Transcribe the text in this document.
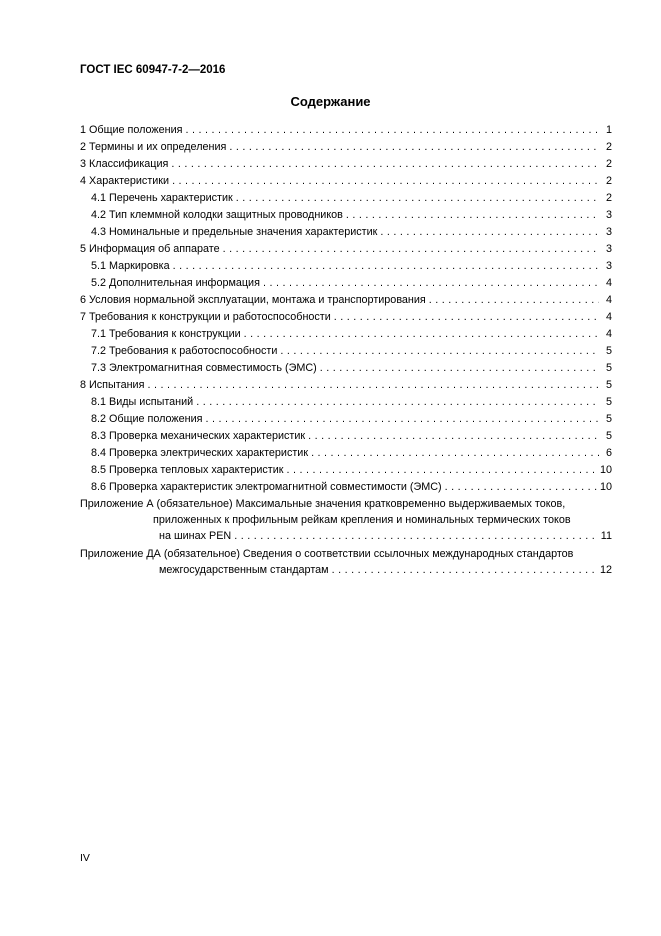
ГОСТ IEC 60947-7-2—2016
Содержание
1 Общие положения .....	1
2 Термины и их определения .....	2
3 Классификация .....	2
4 Характеристики .....	2
4.1 Перечень характеристик .....	2
4.2 Тип клеммной колодки защитных проводников .....	3
4.3 Номинальные и предельные значения характеристик .....	3
5 Информация об аппарате .....	3
5.1 Маркировка .....	3
5.2 Дополнительная информация .....	4
6 Условия нормальной эксплуатации, монтажа и транспортирования .....	4
7 Требования к конструкции и работоспособности .....	4
7.1 Требования к конструкции .....	4
7.2 Требования к работоспособности .....	5
7.3 Электромагнитная совместимость (ЭМС) .....	5
8 Испытания .....	5
8.1 Виды испытаний .....	5
8.2 Общие положения .....	5
8.3 Проверка механических характеристик .....	5
8.4 Проверка электрических характеристик .....	6
8.5 Проверка тепловых характеристик .....	10
8.6 Проверка характеристик электромагнитной совместимости (ЭМС) .....	10
Приложение А (обязательное) Максимальные значения кратковременно выдерживаемых токов,
приложенных к профильным рейкам крепления и номинальных термических токов
на шинах PEN .....	11
Приложение ДА (обязательное) Сведения о соответствии ссылочных международных стандартов
межгосударственным стандартам .....	12
IV
